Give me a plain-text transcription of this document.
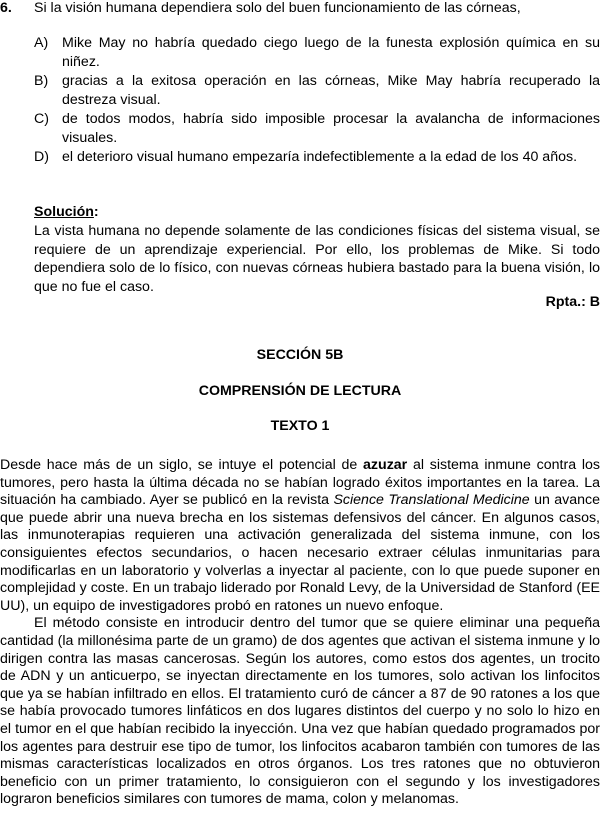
6. Si la visión humana dependiera solo del buen funcionamiento de las córneas,
A) Mike May no habría quedado ciego luego de la funesta explosión química en su niñez.
B) gracias a la exitosa operación en las córneas, Mike May habría recuperado la destreza visual.
C) de todos modos, habría sido imposible procesar la avalancha de informaciones visuales.
D) el deterioro visual humano empezaría indefectiblemente a la edad de los 40 años.
Solución:
La vista humana no depende solamente de las condiciones físicas del sistema visual, se requiere de un aprendizaje experiencial. Por ello, los problemas de Mike. Si todo dependiera solo de lo físico, con nuevas córneas hubiera bastado para la buena visión, lo que no fue el caso.
Rpta.: B
SECCIÓN 5B
COMPRENSIÓN DE LECTURA
TEXTO 1

Desde hace más de un siglo, se intuye el potencial de azuzar al sistema inmune contra los tumores, pero hasta la última década no se habían logrado éxitos importantes en la tarea. La situación ha cambiado. Ayer se publicó en la revista Science Translational Medicine un avance que puede abrir una nueva brecha en los sistemas defensivos del cáncer. En algunos casos, las inmunoterapias requieren una activación generalizada del sistema inmune, con los consiguientes efectos secundarios, o hacen necesario extraer células inmunitarias para modificarlas en un laboratorio y volverlas a inyectar al paciente, con lo que puede suponer en complejidad y coste. En un trabajo liderado por Ronald Levy, de la Universidad de Stanford (EE UU), un equipo de investigadores probó en ratones un nuevo enfoque.

El método consiste en introducir dentro del tumor que se quiere eliminar una pequeña cantidad (la millonésima parte de un gramo) de dos agentes que activan el sistema inmune y lo dirigen contra las masas cancerosas. Según los autores, como estos dos agentes, un trocito de ADN y un anticuerpo, se inyectan directamente en los tumores, solo activan los linfocitos que ya se habían infiltrado en ellos. El tratamiento curó de cáncer a 87 de 90 ratones a los que se había provocado tumores linfáticos en dos lugares distintos del cuerpo y no solo lo hizo en el tumor en el que habían recibido la inyección. Una vez que habían quedado programados por los agentes para destruir ese tipo de tumor, los linfocitos acabaron también con tumores de las mismas características localizados en otros órganos. Los tres ratones que no obtuvieron beneficio con un primer tratamiento, lo consiguieron con el segundo y los investigadores lograron beneficios similares con tumores de mama, colon y melanomas.
